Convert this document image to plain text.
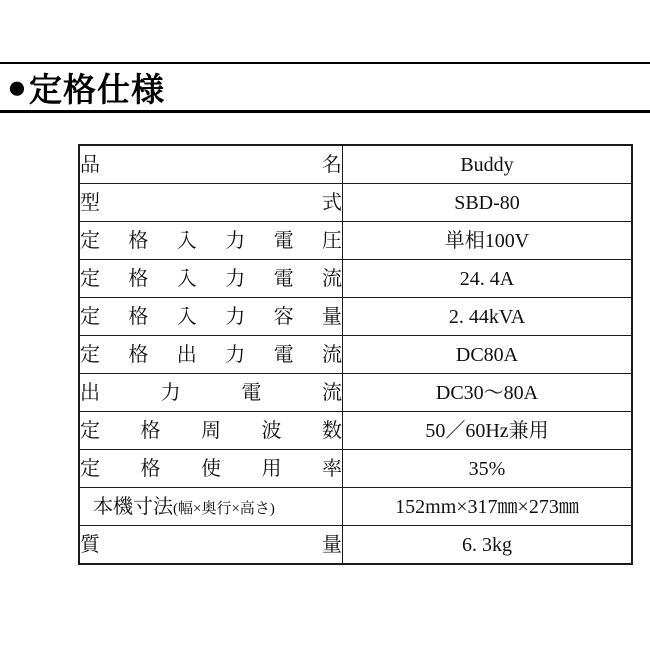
● 定格仕様
品名	Buddy
型式	SBD-80
定格入力電圧	単相100V
定格入力電流	24. 4A
定格入力容量	2. 44kVA
定格出力電流	DC80A
出力電流	DC30～80A
定格周波数	50／60Hz兼用
定格使用率	35%
本機寸法(幅×奥行×高さ)	152mm×317㎜×273㎜
質量	6. 3kg
